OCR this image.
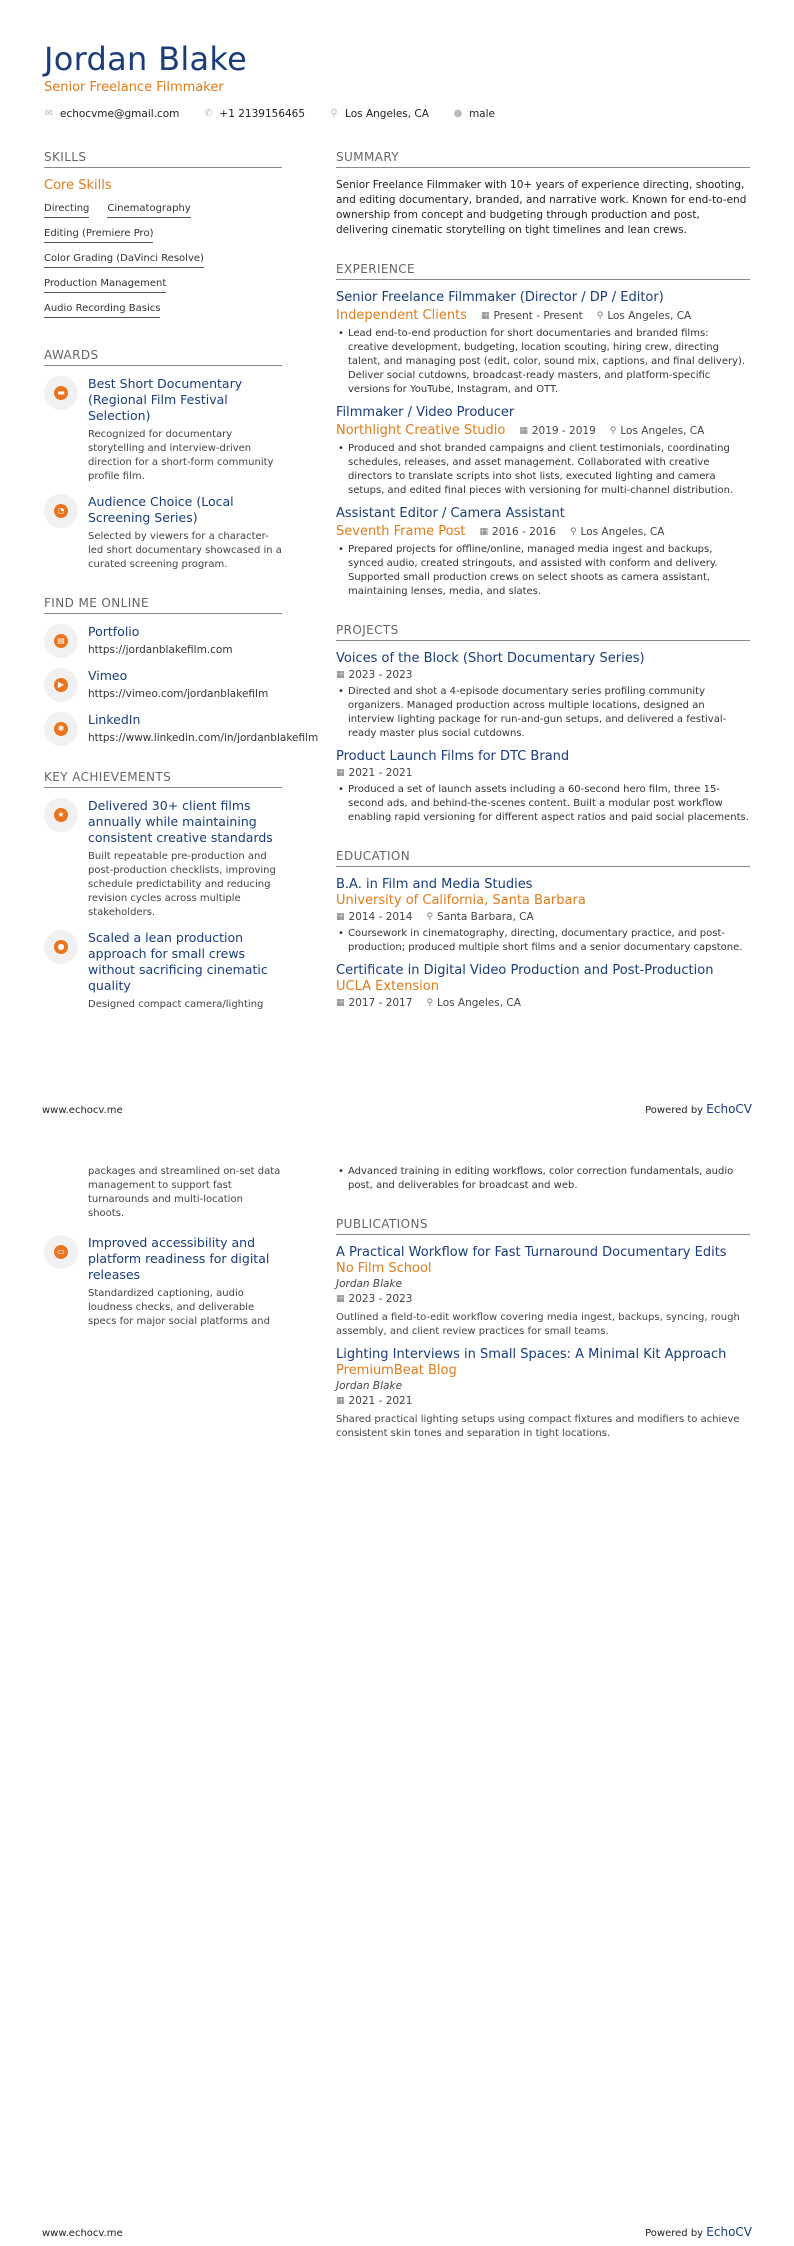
Jordan Blake
Senior Freelance Filmmaker
✉ echocvme@gmail.com ✆ +1 2139156465	⚲ Los Angeles, CA ● male
SKILLS
Core Skills
Directing Cinematography
Editing (Premiere Pro)
Color Grading (DaVinci Resolve)
Production Management
Audio Recording Basics
AWARDS
▬
Best Short Documentary (Regional Film Festival Selection)
Recognized for documentary storytelling and interview-driven direction for a short-form community profile film.
◔
Audience Choice (Local Screening Series)
Selected by viewers for a character-led short documentary showcased in a curated screening program.
FIND ME ONLINE
▤
Portfolio
https://jordanblakefilm.com
▶
Vimeo
https://vimeo.com/jordanblakefilm
✱
LinkedIn
https://www.linkedin.com/in/jordanblakefilm
KEY ACHIEVEMENTS
★
Delivered 30+ client films annually while maintaining consistent creative standards
Built repeatable pre-production and post-production checklists, improving schedule predictability and reducing revision cycles across multiple stakeholders.
●
Scaled a lean production approach for small crews without sacrificing cinematic quality
Designed compact camera/lighting
SUMMARY
Senior Freelance Filmmaker with 10+ years of experience directing, shooting, and editing documentary, branded, and narrative work. Known for end-to-end ownership from concept and budgeting through production and post, delivering cinematic storytelling on tight timelines and lean crews.
EXPERIENCE
Senior Freelance Filmmaker (Director / DP / Editor)
Independent Clients ▦ Present - Present ⚲ Los Angeles, CA
• Lead end-to-end production for short documentaries and branded films: creative development, budgeting, location scouting, hiring crew, directing talent, and managing post (edit, color, sound mix, captions, and final delivery). Deliver social cutdowns, broadcast-ready masters, and platform-specific versions for YouTube, Instagram, and OTT.
Filmmaker / Video Producer
Northlight Creative Studio ▦ 2019 - 2019 ⚲ Los Angeles, CA
• Produced and shot branded campaigns and client testimonials, coordinating schedules, releases, and asset management. Collaborated with creative directors to translate scripts into shot lists, executed lighting and camera setups, and edited final pieces with versioning for multi-channel distribution.
Assistant Editor / Camera Assistant
Seventh Frame Post ▦ 2016 - 2016 ⚲ Los Angeles, CA
• Prepared projects for offline/online, managed media ingest and backups, synced audio, created stringouts, and assisted with conform and delivery. Supported small production crews on select shoots as camera assistant, maintaining lenses, media, and slates.
PROJECTS
Voices of the Block (Short Documentary Series)
▦ 2023 - 2023
• Directed and shot a 4-episode documentary series profiling community organizers. Managed production across multiple locations, designed an interview lighting package for run-and-gun setups, and delivered a festival-ready master plus social cutdowns.
Product Launch Films for DTC Brand
▦ 2021 - 2021
• Produced a set of launch assets including a 60-second hero film, three 15-second ads, and behind-the-scenes content. Built a modular post workflow enabling rapid versioning for different aspect ratios and paid social placements.
EDUCATION
B.A. in Film and Media Studies
University of California, Santa Barbara
▦ 2014 - 2014 ⚲ Santa Barbara, CA
• Coursework in cinematography, directing, documentary practice, and post-production; produced multiple short films and a senior documentary capstone.
Certificate in Digital Video Production and Post-Production
UCLA Extension
▦ 2017 - 2017 ⚲ Los Angeles, CA
www.echocv.me	Powered by EchoCV
packages and streamlined on-set data management to support fast turnarounds and multi-location shoots.
▭
Improved accessibility and platform readiness for digital releases
Standardized captioning, audio loudness checks, and deliverable specs for major social platforms and
• Advanced training in editing workflows, color correction fundamentals, audio post, and deliverables for broadcast and web.
PUBLICATIONS
A Practical Workflow for Fast Turnaround Documentary Edits
No Film School
Jordan Blake
▦ 2023 - 2023
Outlined a field-to-edit workflow covering media ingest, backups, syncing, rough assembly, and client review practices for small teams.
Lighting Interviews in Small Spaces: A Minimal Kit Approach
PremiumBeat Blog
Jordan Blake
▦ 2021 - 2021
Shared practical lighting setups using compact fixtures and modifiers to achieve consistent skin tones and separation in tight locations.
www.echocv.me	Powered by EchoCV
